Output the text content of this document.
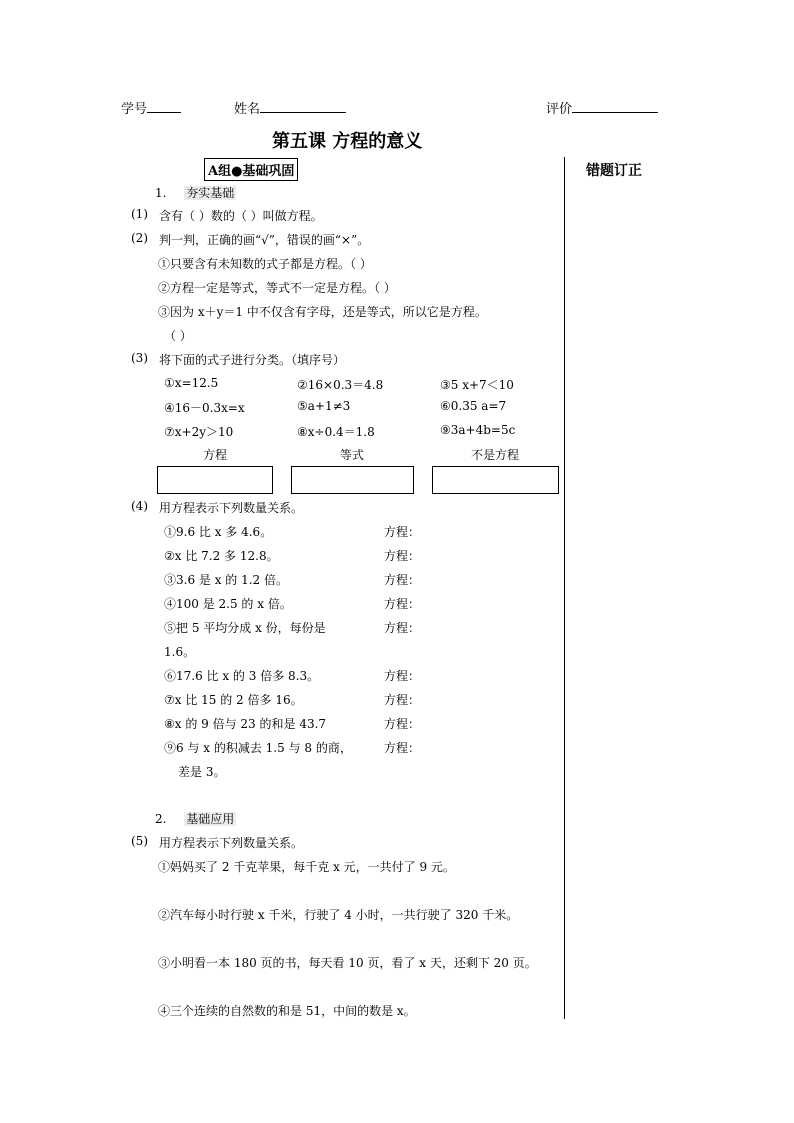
学号	姓名	评价
第五课 方程的意义
错题订正
A组●基础巩固
1. 夯实基础
(1) 含有（ ）数的（ ）叫做方程。
(2) 判一判，正确的画“√”，错误的画“×”。
①只要含有未知数的式子都是方程。（ ）
②方程一定是等式，等式不一定是方程。（ ）
③因为 x＋y＝1 中不仅含有字母，还是等式，所以它是方程。
（ ）
(3) 将下面的式子进行分类。（填序号）
①x=12.5	②16×0.3＝4.8	③5 x+7＜10
④16－0.3x=x	⑤a+1≠3	⑥0.35 a=7
⑦x+2y＞10	⑧x÷0.4＝1.8	⑨3a+4b=5c
方程	等式	不是方程
(4) 用方程表示下列数量关系。
①9.6 比 x 多 4.6。	方程：
②x 比 7.2 多 12.8。	方程：
③3.6 是 x 的 1.2 倍。	方程：
④100 是 2.5 的 x 倍。	方程：
⑤把 5 平均分成 x 份，每份是	方程：
1.6。
⑥17.6 比 x 的 3 倍多 8.3。	方程：
⑦x 比 15 的 2 倍多 16。	方程：
⑧x 的 9 倍与 23 的和是 43.7	方程：
⑨6 与 x 的积减去 1.5 与 8 的商，	方程：
差是 3。
2. 基础应用
(5) 用方程表示下列数量关系。
①妈妈买了 2 千克苹果，每千克 x 元，一共付了 9 元。
②汽车每小时行驶 x 千米，行驶了 4 小时，一共行驶了 320 千米。
③小明看一本 180 页的书，每天看 10 页，看了 x 天，还剩下 20 页。
④三个连续的自然数的和是 51，中间的数是 x。
